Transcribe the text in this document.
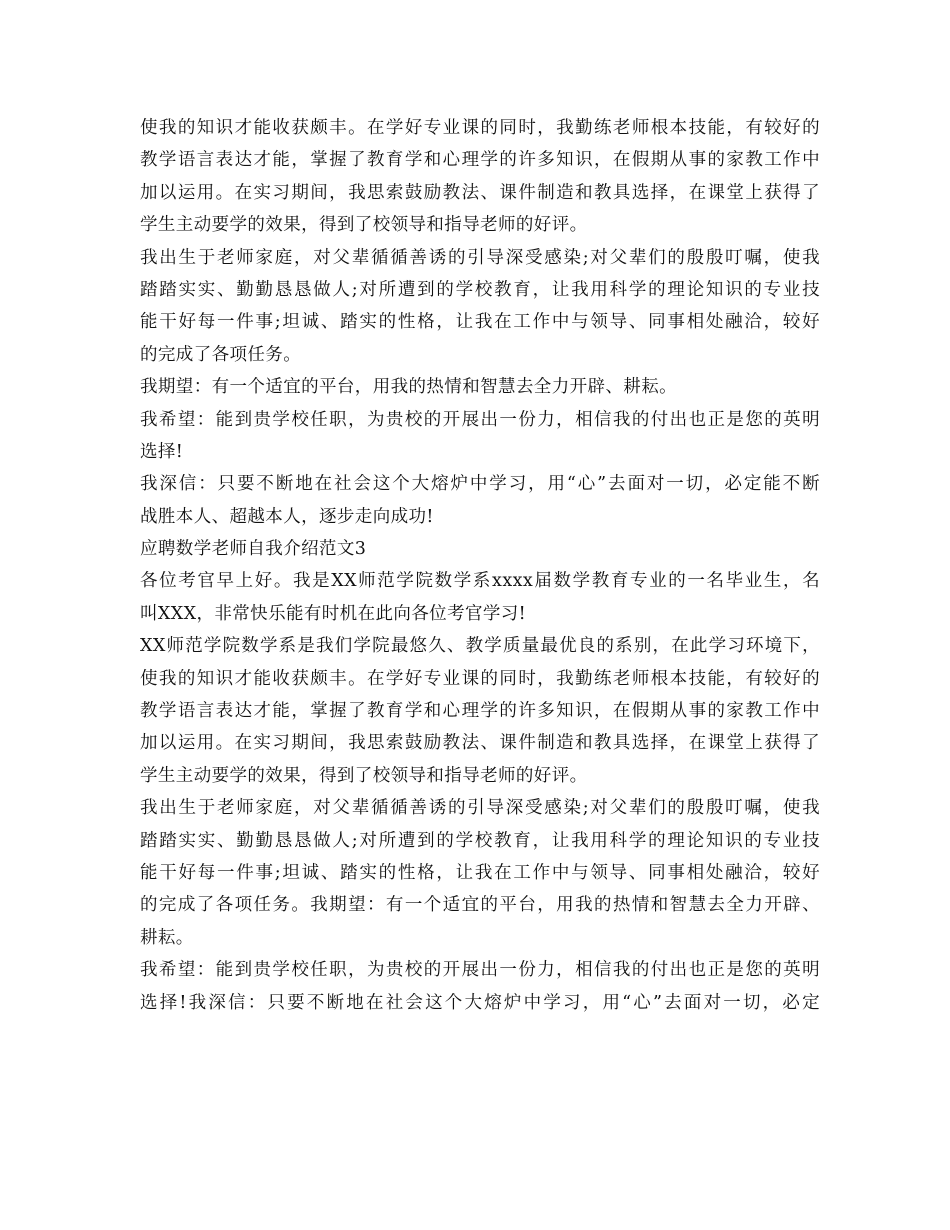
使我的知识才能收获颇丰。在学好专业课的同时，我勤练老师根本技能，有较好的
教学语言表达才能，掌握了教育学和心理学的许多知识，在假期从事的家教工作中
加以运用。在实习期间，我思索鼓励教法、课件制造和教具选择，在课堂上获得了
学生主动要学的效果，得到了校领导和指导老师的好评。
我出生于老师家庭，对父辈循循善诱的引导深受感染;对父辈们的殷殷叮嘱，使我
踏踏实实、勤勤恳恳做人;对所遭到的学校教育，让我用科学的理论知识的专业技
能干好每一件事;坦诚、踏实的性格，让我在工作中与领导、同事相处融洽，较好
的完成了各项任务。
我期望：有一个适宜的平台，用我的热情和智慧去全力开辟、耕耘。
我希望：能到贵学校任职，为贵校的开展出一份力，相信我的付出也正是您的英明
选择!
我深信：只要不断地在社会这个大熔炉中学习，用“心”去面对一切，必定能不断
战胜本人、超越本人，逐步走向成功!
应聘数学老师自我介绍范文3
各位考官早上好。我是XX师范学院数学系xxxx届数学教育专业的一名毕业生，名
叫XXX，非常快乐能有时机在此向各位考官学习!
XX师范学院数学系是我们学院最悠久、教学质量最优良的系别，在此学习环境下，
使我的知识才能收获颇丰。在学好专业课的同时，我勤练老师根本技能，有较好的
教学语言表达才能，掌握了教育学和心理学的许多知识，在假期从事的家教工作中
加以运用。在实习期间，我思索鼓励教法、课件制造和教具选择，在课堂上获得了
学生主动要学的效果，得到了校领导和指导老师的好评。
我出生于老师家庭，对父辈循循善诱的引导深受感染;对父辈们的殷殷叮嘱，使我
踏踏实实、勤勤恳恳做人;对所遭到的学校教育，让我用科学的理论知识的专业技
能干好每一件事;坦诚、踏实的性格，让我在工作中与领导、同事相处融洽，较好
的完成了各项任务。我期望：有一个适宜的平台，用我的热情和智慧去全力开辟、
耕耘。
我希望：能到贵学校任职，为贵校的开展出一份力，相信我的付出也正是您的英明
选择!我深信：只要不断地在社会这个大熔炉中学习，用“心”去面对一切，必定
